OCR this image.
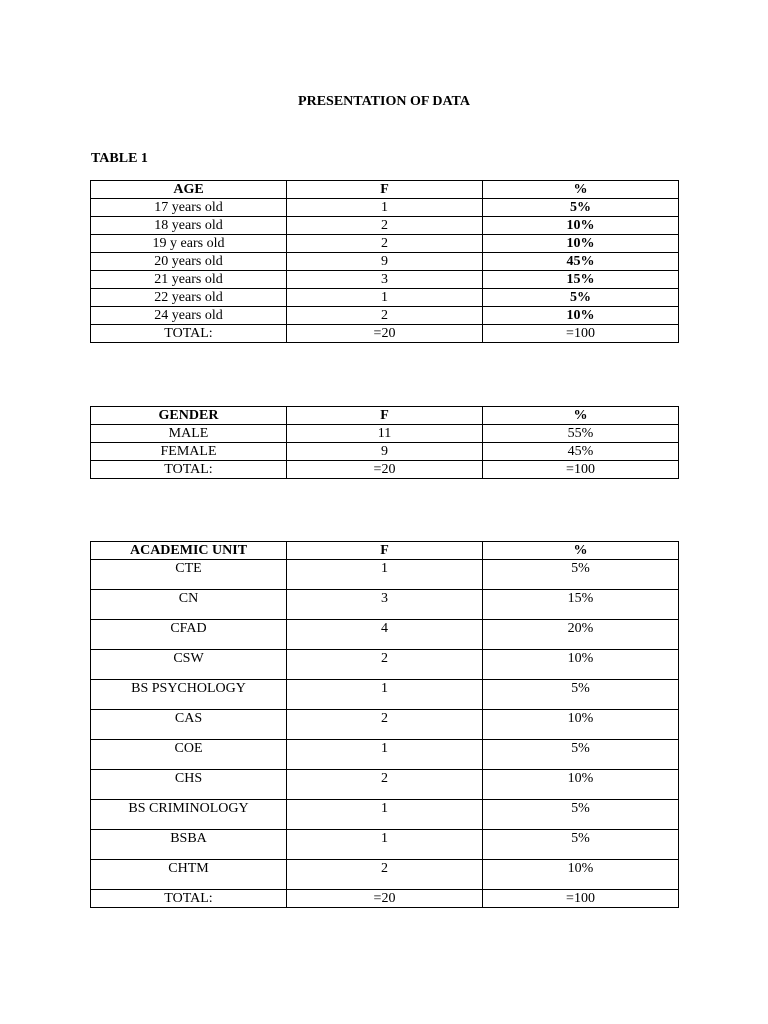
PRESENTATION OF DATA
TABLE 1
AGE	F	%
17 years old	1	5%
18 years old	2	10%
19 y ears old	2	10%
20 years old	9	45%
21 years old	3	15%
22 years old	1	5%
24 years old	2	10%
TOTAL:	=20	=100
GENDER	F	%
MALE	11	55%
FEMALE	9	45%
TOTAL:	=20	=100
ACADEMIC UNIT	F	%
CTE	1	5%
CN	3	15%
CFAD	4	20%
CSW	2	10%
BS PSYCHOLOGY	1	5%
CAS	2	10%
COE	1	5%
CHS	2	10%
BS CRIMINOLOGY	1	5%
BSBA	1	5%
CHTM	2	10%
TOTAL:	=20	=100
